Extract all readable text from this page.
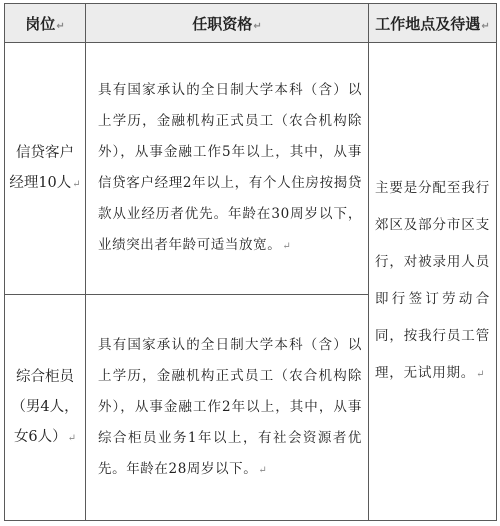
岗位↵	任职资格↵	工作地点及待遇↵
信贷客户经理10人↵	具有国家承认的全日制大学本科（含）以上学历，金融机构正式员工（农合机构除外），从事金融工作5年以上，其中，从事信贷客户经理2年以上，有个人住房按揭贷款从业经历者优先。年龄在30周岁以下，业绩突出者年龄可适当放宽。↵	主要是分配至我行郊区及部分市区支行，对被录用人员即行签订劳动合同，按我行员工管理，无试用期。↵
综合柜员（男4人，女6人）↵	具有国家承认的全日制大学本科（含）以上学历，金融机构正式员工（农合机构除外），从事金融工作2年以上，其中，从事综合柜员业务1年以上，有社会资源者优先。年龄在28周岁以下。↵	
